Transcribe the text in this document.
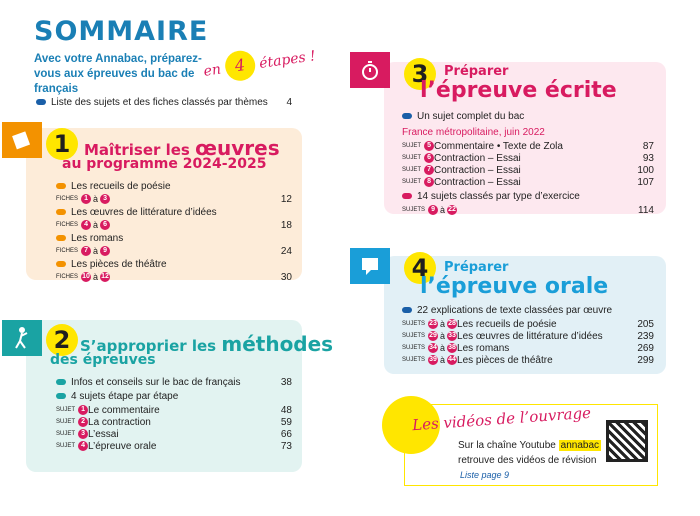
SOMMAIRE
Avec votre Annabac, préparez-vous aux épreuves du bac de français
en 4 étapes !
Liste des sujets et des fiches classés par thèmes	4
1 Maîtriser les œuvres
au programme 2024-2025
Les recueils de poésie
FICHES 1 à 3	12
Les œuvres de littérature d’idées
FICHES 4 à 6	18
Les romans
FICHES 7 à 9	24
Les pièces de théâtre
FICHES 10 à 12	30
2 S’approprier les méthodes
des épreuves
Infos et conseils sur le bac de français	38
4 sujets étape par étape
SUJET 1 Le commentaire	48
SUJET 2 La contraction	59
SUJET 3 L’essai	66
SUJET 4 L’épreuve orale	73
3	Préparer
l’épreuve écrite
Un sujet complet du bac
France métropolitaine, juin 2022
SUJET 5 Commentaire • Texte de Zola	87
SUJET 6 Contraction – Essai	93
SUJET 7 Contraction – Essai	100
SUJET 8 Contraction – Essai	107
14 sujets classés par type d’exercice
SUJETS 9 à 22	114
4	Préparer
l’épreuve orale
22 explications de texte classées par œuvre
SUJETS 23 à 28 Les recueils de poésie	205
SUJETS 29 à 33 Les œuvres de littérature d’idées	239
SUJETS 34 à 38 Les romans	269
SUJETS 39 à 44 Les pièces de théâtre	299
Les vidéos de l’ouvrage
Sur la chaîne Youtube annabac
retrouve des vidéos de révision
Liste page 9
